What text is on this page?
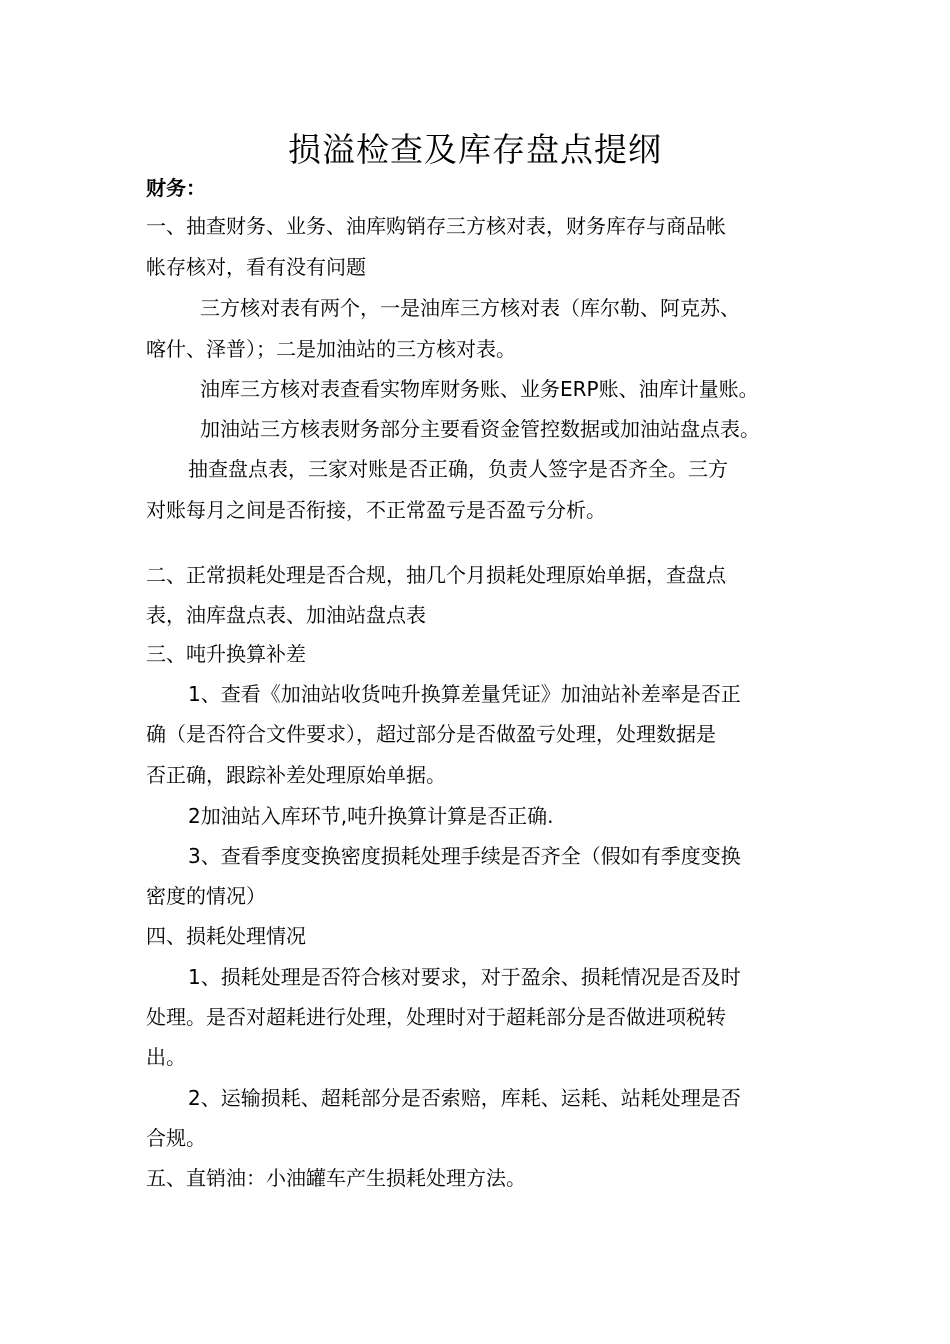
损溢检查及库存盘点提纲
财务：
一、抽查财务、业务、油库购销存三方核对表，财务库存与商品帐
帐存核对，看有没有问题
三方核对表有两个，一是油库三方核对表（库尔勒、阿克苏、
喀什、泽普）；二是加油站的三方核对表。
油库三方核对表查看实物库财务账、业务ERP账、油库计量账。
加油站三方核表财务部分主要看资金管控数据或加油站盘点表。
抽查盘点表，三家对账是否正确，负责人签字是否齐全。三方
对账每月之间是否衔接，不正常盈亏是否盈亏分析。
二、正常损耗处理是否合规，抽几个月损耗处理原始单据，查盘点
表，油库盘点表、加油站盘点表
三、吨升换算补差
1、查看《加油站收货吨升换算差量凭证》加油站补差率是否正
确（是否符合文件要求），超过部分是否做盈亏处理，处理数据是
否正确，跟踪补差处理原始单据。
2加油站入库环节,吨升换算计算是否正确.
3、查看季度变换密度损耗处理手续是否齐全（假如有季度变换
密度的情况）
四、损耗处理情况
1、损耗处理是否符合核对要求，对于盈余、损耗情况是否及时
处理。是否对超耗进行处理，处理时对于超耗部分是否做进项税转
出。
2、运输损耗、超耗部分是否索赔，库耗、运耗、站耗处理是否
合规。
五、直销油：小油罐车产生损耗处理方法。
